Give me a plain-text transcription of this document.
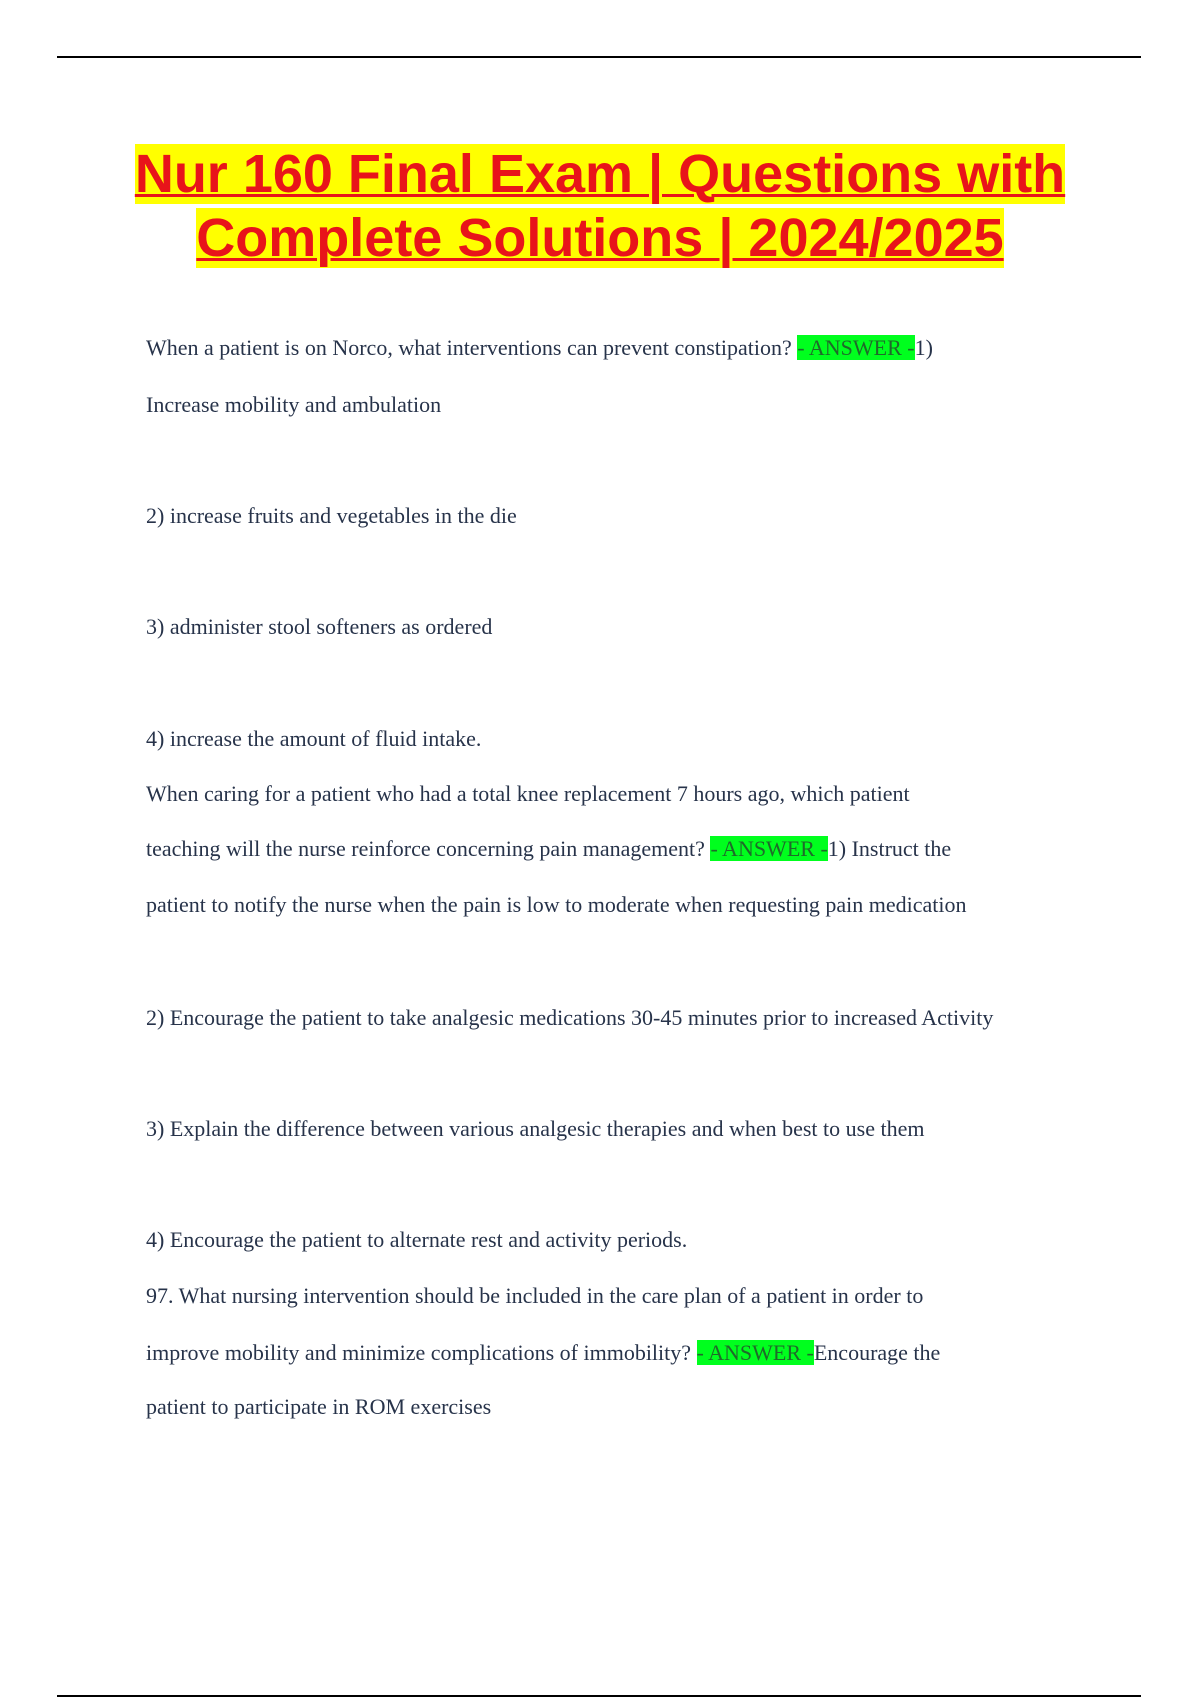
Nur 160 Final Exam | Questions with
Complete Solutions | 2024/2025

When a patient is on Norco, what interventions can prevent constipation? - ANSWER -1)

Increase mobility and ambulation

2) increase fruits and vegetables in the die

3) administer stool softeners as ordered

4) increase the amount of fluid intake.

When caring for a patient who had a total knee replacement 7 hours ago, which patient

teaching will the nurse reinforce concerning pain management? - ANSWER -1) Instruct the

patient to notify the nurse when the pain is low to moderate when requesting pain medication

2) Encourage the patient to take analgesic medications 30-45 minutes prior to increased Activity

3) Explain the difference between various analgesic therapies and when best to use them

4) Encourage the patient to alternate rest and activity periods.

97. What nursing intervention should be included in the care plan of a patient in order to

improve mobility and minimize complications of immobility? - ANSWER -Encourage the

patient to participate in ROM exercises
